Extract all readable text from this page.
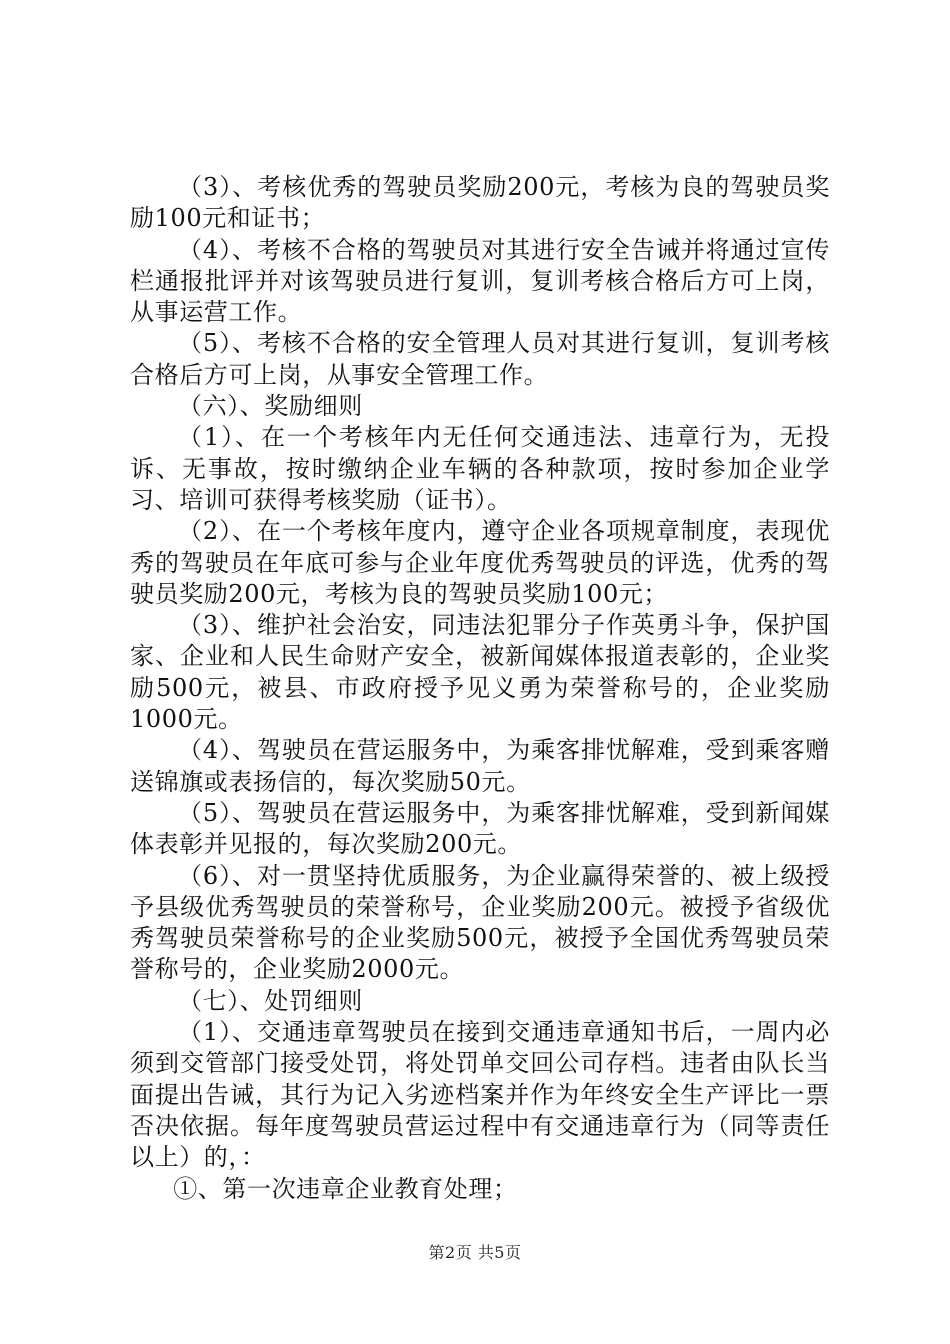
（3）、考核优秀的驾驶员奖励200元，考核为良的驾驶员奖励100元和证书；

（4）、考核不合格的驾驶员对其进行安全告诫并将通过宣传栏通报批评并对该驾驶员进行复训，复训考核合格后方可上岗，从事运营工作。

（5）、考核不合格的安全管理人员对其进行复训，复训考核合格后方可上岗，从事安全管理工作。

（六）、奖励细则

（1）、在一个考核年内无任何交通违法、违章行为，无投诉、无事故，按时缴纳企业车辆的各种款项，按时参加企业学习、培训可获得考核奖励（证书）。

（2）、在一个考核年度内，遵守企业各项规章制度，表现优秀的驾驶员在年底可参与企业年度优秀驾驶员的评选，优秀的驾驶员奖励200元，考核为良的驾驶员奖励100元；

（3）、维护社会治安，同违法犯罪分子作英勇斗争，保护国家、企业和人民生命财产安全，被新闻媒体报道表彰的，企业奖励500元，被县、市政府授予见义勇为荣誉称号的，企业奖励1000元。

（4）、驾驶员在营运服务中，为乘客排忧解难，受到乘客赠送锦旗或表扬信的，每次奖励50元。

（5）、驾驶员在营运服务中，为乘客排忧解难，受到新闻媒体表彰并见报的，每次奖励200元。

（6）、对一贯坚持优质服务，为企业赢得荣誉的、被上级授予县级优秀驾驶员的荣誉称号，企业奖励200元。被授予省级优秀驾驶员荣誉称号的企业奖励500元，被授予全国优秀驾驶员荣誉称号的，企业奖励2000元。

（七）、处罚细则

（1）、交通违章驾驶员在接到交通违章通知书后，一周内必须到交管部门接受处罚，将处罚单交回公司存档。违者由队长当面提出告诫，其行为记入劣迹档案并作为年终安全生产评比一票否决依据。每年度驾驶员营运过程中有交通违章行为（同等责任以上）的，：

①、第一次违章企业教育处理；

第2页 共5页
